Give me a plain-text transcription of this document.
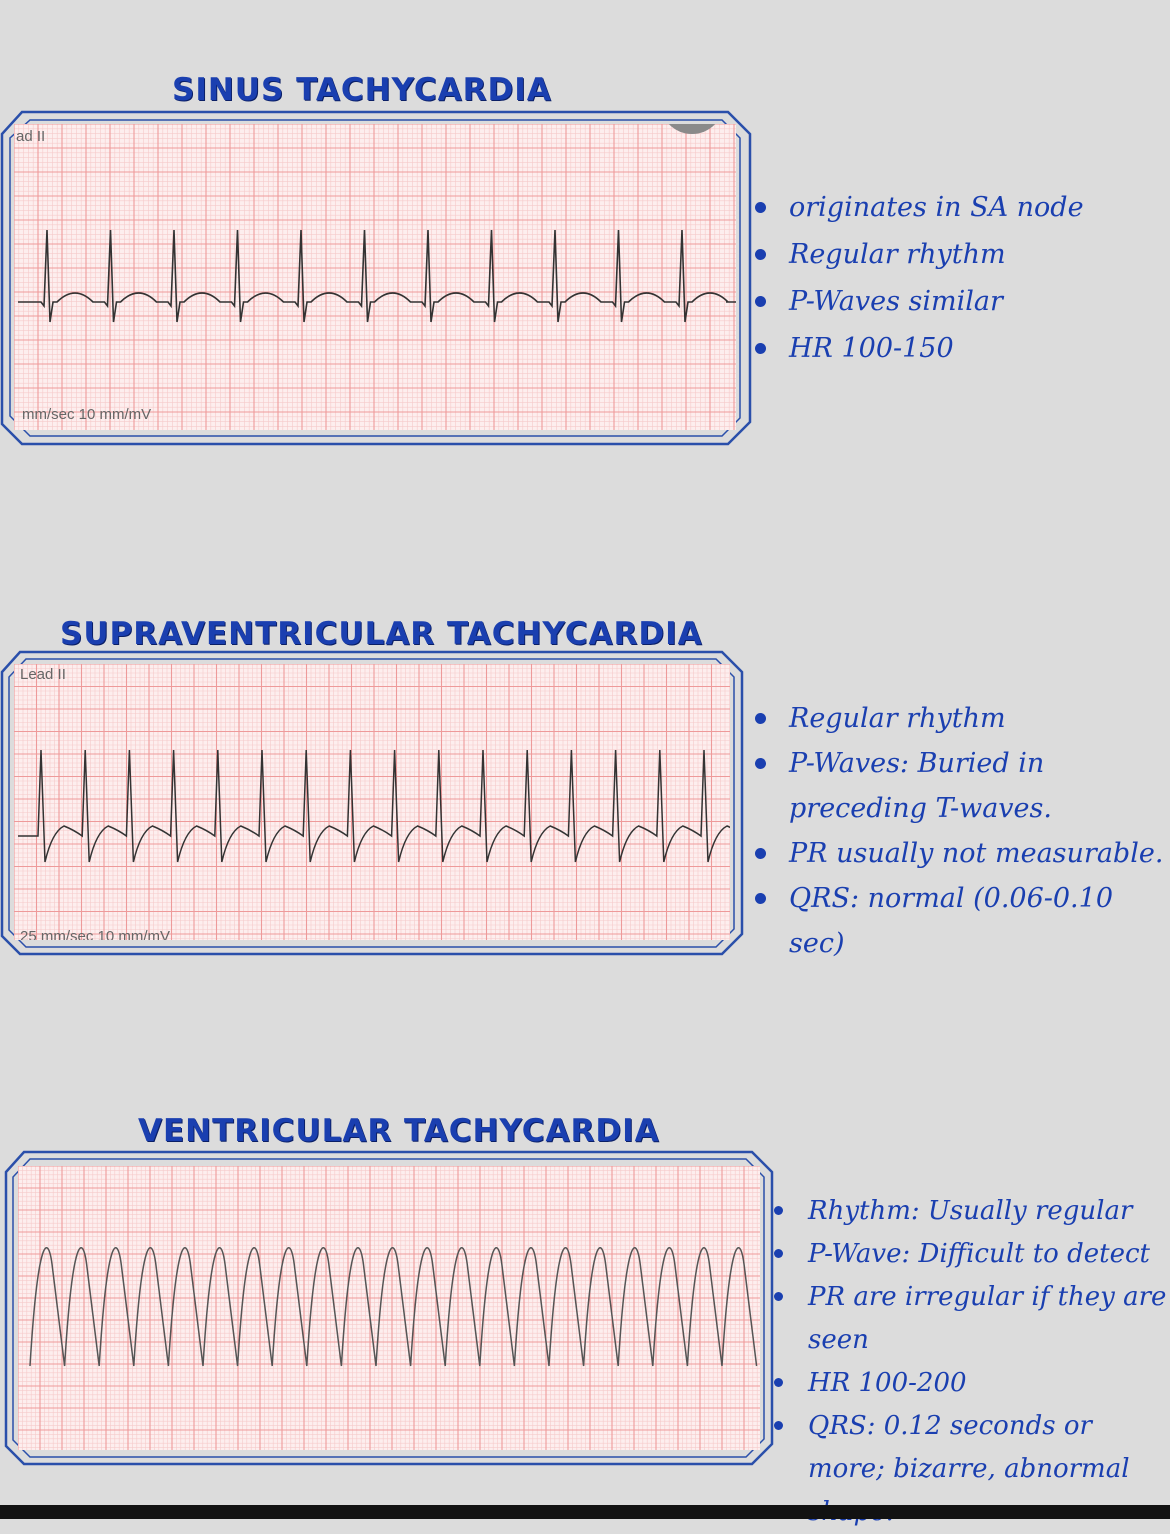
SINUS TACHYCARDIA
ad II
mm/sec 10 mm/mV
originates in SA node
Regular rhythm
P-Waves similar
HR 100-150
SUPRAVENTRICULAR TACHYCARDIA
Lead II
25 mm/sec 10 mm/mV
Regular rhythm
P-Waves: Buried in preceding T-waves.
PR usually not measurable.
QRS: normal (0.06-0.10 sec)
VENTRICULAR TACHYCARDIA
Rhythm: Usually regular
P-Wave: Difficult to detect
PR are irregular if they are seen
HR 100-200
QRS: 0.12 seconds or more; bizarre, abnormal
